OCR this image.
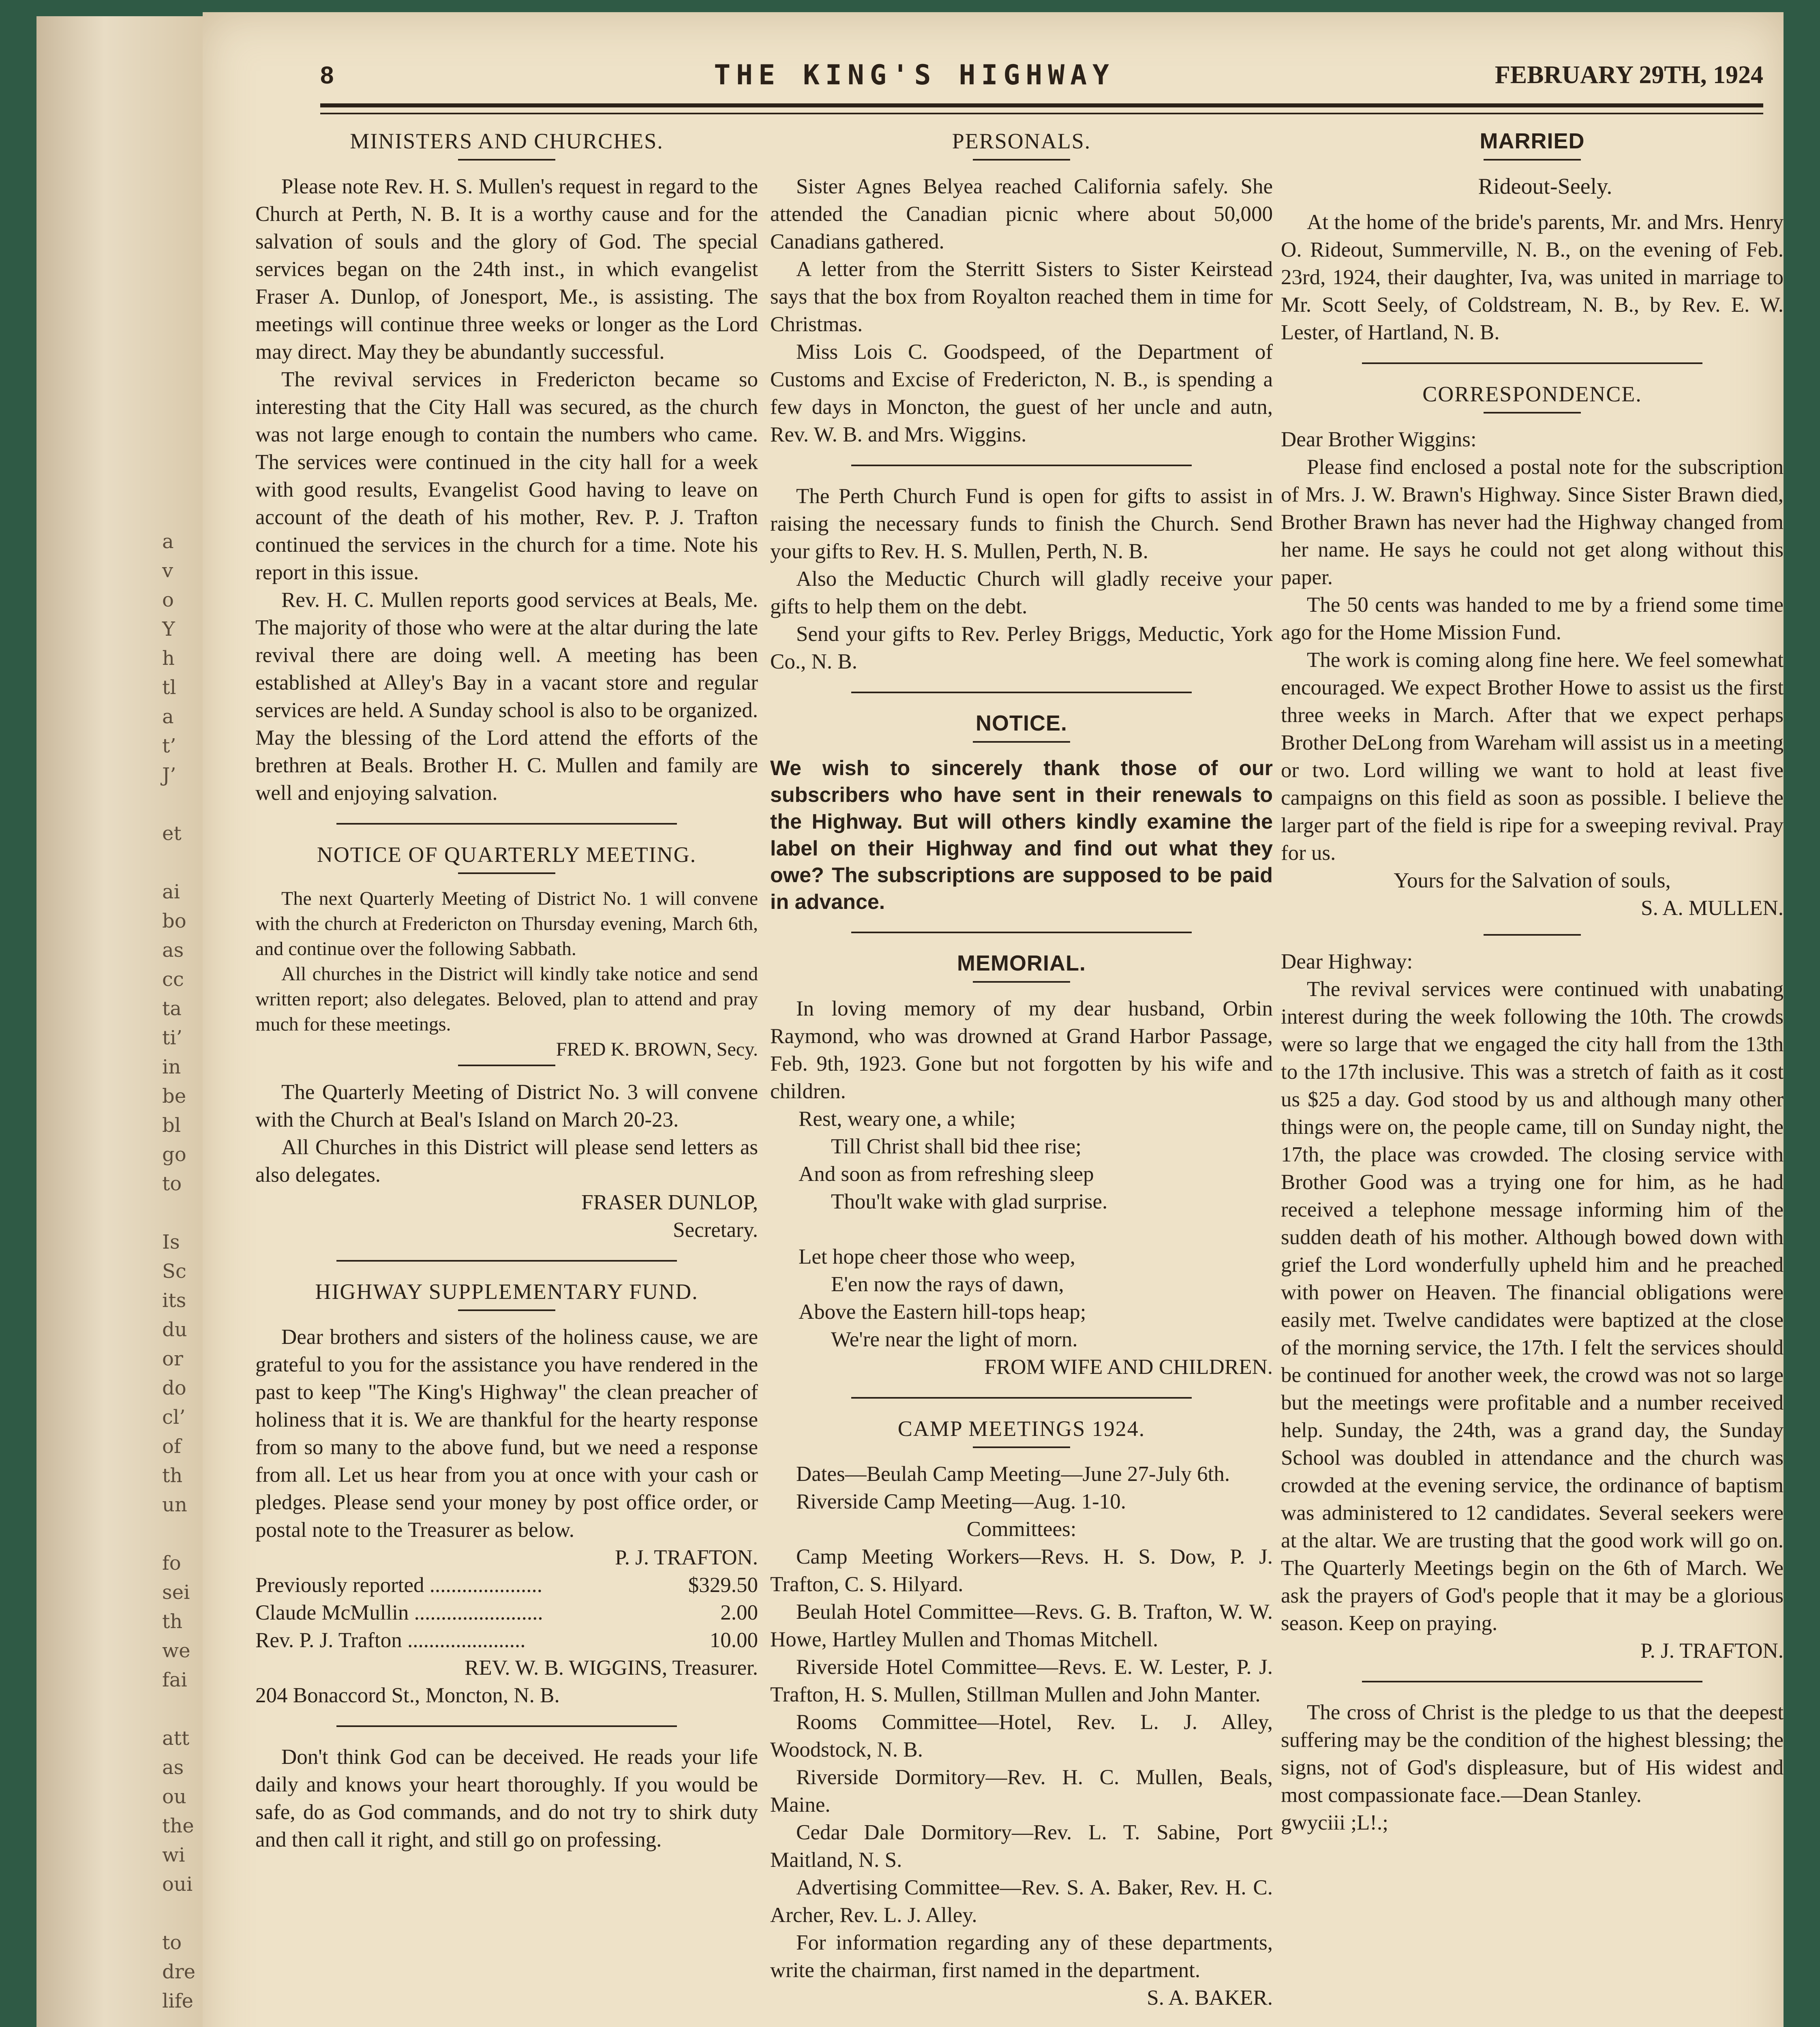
a
v
o
Y
h
tl
a
t’
J’

et

ai
bo
as
cc
ta
ti’
in
be
bl
go
to

Is
Sc
its
du
or
do
cl’
of
th
un

fo
sei
th
we
fai

att
as
ou
the
wi
oui

to
dre
life
8	THE KING'S HIGHWAY	FEBRUARY 29TH, 1924
MINISTERS AND CHURCHES.

Please note Rev. H. S. Mullen's request in regard to the Church at Perth, N. B. It is a worthy cause and for the salvation of souls and the glory of God. The special services began on the 24th inst., in which evangelist Fraser A. Dunlop, of Jonesport, Me., is assisting. The meetings will continue three weeks or longer as the Lord may direct. May they be abundantly successful.

The revival services in Fredericton became so interesting that the City Hall was secured, as the church was not large enough to contain the numbers who came. The services were continued in the city hall for a week with good results, Evangelist Good having to leave on account of the death of his mother, Rev. P. J. Trafton continued the services in the church for a time. Note his report in this issue.

Rev. H. C. Mullen reports good services at Beals, Me. The majority of those who were at the altar during the late revival there are doing well. A meeting has been established at Alley's Bay in a vacant store and regular services are held. A Sunday school is also to be organized. May the blessing of the Lord attend the efforts of the brethren at Beals. Brother H. C. Mullen and family are well and enjoying salvation.

NOTICE OF QUARTERLY MEETING.

The next Quarterly Meeting of District No. 1 will convene with the church at Fredericton on Thursday evening, March 6th, and continue over the following Sabbath.

All churches in the District will kindly take notice and send written report; also delegates. Beloved, plan to attend and pray much for these meetings.

FRED K. BROWN, Secy.

The Quarterly Meeting of District No. 3 will convene with the Church at Beal's Island on March 20-23.

All Churches in this District will please send letters as also delegates.

FRASER DUNLOP,

Secretary.

HIGHWAY SUPPLEMENTARY FUND.

Dear brothers and sisters of the holiness cause, we are grateful to you for the assistance you have rendered in the past to keep "The King's Highway" the clean preacher of holiness that it is. We are thankful for the hearty response from so many to the above fund, but we need a response from all. Let us hear from you at once with your cash or pledges. Please send your money by post office order, or postal note to the Treasurer as below.

P. J. TRAFTON.

Previously reported .....................	$329.50
Claude McMullin ........................	2.00
Rev. P. J. Trafton ......................	10.00

REV. W. B. WIGGINS, Treasurer.

204 Bonaccord St., Moncton, N. B.

Don't think God can be deceived. He reads your life daily and knows your heart thoroughly. If you would be safe, do as God commands, and do not try to shirk duty and then call it right, and still go on professing.

PERSONALS.

Sister Agnes Belyea reached California safely. She attended the Canadian picnic where about 50,000 Canadians gathered.

A letter from the Sterritt Sisters to Sister Keirstead says that the box from Royalton reached them in time for Christmas.

Miss Lois C. Goodspeed, of the Department of Customs and Excise of Fredericton, N. B., is spending a few days in Moncton, the guest of her uncle and autn, Rev. W. B. and Mrs. Wiggins.

The Perth Church Fund is open for gifts to assist in raising the necessary funds to finish the Church. Send your gifts to Rev. H. S. Mullen, Perth, N. B.

Also the Meductic Church will gladly receive your gifts to help them on the debt.

Send your gifts to Rev. Perley Briggs, Meductic, York Co., N. B.

NOTICE.

We wish to sincerely thank those of our subscribers who have sent in their renewals to the Highway. But will others kindly examine the label on their Highway and find out what they owe? The subscriptions are supposed to be paid in advance.

MEMORIAL.

In loving memory of my dear husband, Orbin Raymond, who was drowned at Grand Harbor Passage, Feb. 9th, 1923. Gone but not forgotten by his wife and children.

Rest, weary one, a while;

Till Christ shall bid thee rise;

And soon as from refreshing sleep

Thou'lt wake with glad surprise.

Let hope cheer those who weep,

E'en now the rays of dawn,

Above the Eastern hill-tops heap;

We're near the light of morn.

FROM WIFE AND CHILDREN.

CAMP MEETINGS 1924.

Dates—Beulah Camp Meeting—June 27-July 6th.

Riverside Camp Meeting—Aug. 1-10.

Committees:

Camp Meeting Workers—Revs. H. S. Dow, P. J. Trafton, C. S. Hilyard.

Beulah Hotel Committee—Revs. G. B. Trafton, W. W. Howe, Hartley Mullen and Thomas Mitchell.

Riverside Hotel Committee—Revs. E. W. Lester, P. J. Trafton, H. S. Mullen, Stillman Mullen and John Manter.

Rooms Committee—Hotel, Rev. L. J. Alley, Woodstock, N. B.

Riverside Dormitory—Rev. H. C. Mullen, Beals, Maine.

Cedar Dale Dormitory—Rev. L. T. Sabine, Port Maitland, N. S.

Advertising Committee—Rev. S. A. Baker, Rev. H. C. Archer, Rev. L. J. Alley.

For information regarding any of these departments, write the chairman, first named in the department.

S. A. BAKER.

MARRIED

Rideout-Seely.

At the home of the bride's parents, Mr. and Mrs. Henry O. Rideout, Summerville, N. B., on the evening of Feb. 23rd, 1924, their daughter, Iva, was united in marriage to Mr. Scott Seely, of Coldstream, N. B., by Rev. E. W. Lester, of Hartland, N. B.

CORRESPONDENCE.

Dear Brother Wiggins:

Please find enclosed a postal note for the subscription of Mrs. J. W. Brawn's Highway. Since Sister Brawn died, Brother Brawn has never had the Highway changed from her name. He says he could not get along without this paper.

The 50 cents was handed to me by a friend some time ago for the Home Mission Fund.

The work is coming along fine here. We feel somewhat encouraged. We expect Brother Howe to assist us the first three weeks in March. After that we expect perhaps Brother DeLong from Wareham will assist us in a meeting or two. Lord willing we want to hold at least five campaigns on this field as soon as possible. I believe the larger part of the field is ripe for a sweeping revival. Pray for us.

Yours for the Salvation of souls,

S. A. MULLEN.

Dear Highway:

The revival services were continued with unabating interest during the week following the 10th. The crowds were so large that we engaged the city hall from the 13th to the 17th inclusive. This was a stretch of faith as it cost us $25 a day. God stood by us and although many other things were on, the people came, till on Sunday night, the 17th, the place was crowded. The closing service with Brother Good was a trying one for him, as he had received a telephone message informing him of the sudden death of his mother. Although bowed down with grief the Lord wonderfully upheld him and he preached with power on Heaven. The financial obligations were easily met. Twelve candidates were baptized at the close of the morning service, the 17th. I felt the services should be continued for another week, the crowd was not so large but the meetings were profitable and a number received help. Sunday, the 24th, was a grand day, the Sunday School was doubled in attendance and the church was crowded at the evening service, the ordinance of baptism was administered to 12 candidates. Several seekers were at the altar. We are trusting that the good work will go on. The Quarterly Meetings begin on the 6th of March. We ask the prayers of God's people that it may be a glorious season. Keep on praying.

P. J. TRAFTON.

The cross of Christ is the pledge to us that the deepest suffering may be the condition of the highest blessing; the signs, not of God's displeasure, but of His widest and most compassionate face.—Dean Stanley.

gwyciii ;L!.;
